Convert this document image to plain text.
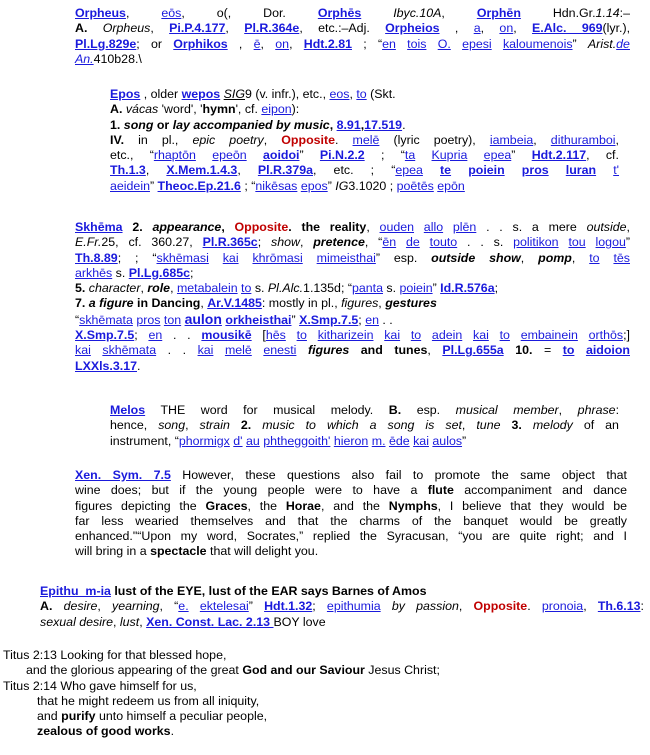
Orpheus, eōs, o(, Dor. Orphēs	Ibyc.10A, Orphēn Hdn.Gr.1.14:–
A. Orpheus, Pi.P.4.177, Pl.R.364e, etc.:–Adj. Orpheios , a, on, E.Alc. 969(lyr.),
Pl.Lg.829e; or Orphikos , ē, on, Hdt.2.81 ; “en tois O. epesi kaloumenois” Arist.de
An.410b28.\
Epos , older wepos SIG9 (v. infr.), etc., eos, to (Skt.
A. vácas 'word', 'hymn', cf. eipon):
1. song or lay accompanied by music, 8.91,17.519.
IV. in pl., epic poetry, Opposite. melē (lyric poetry), iambeia, dithuramboi,
etc., “rhaptōn epeōn aoidoi” Pi.N.2.2 ; “ta Kupria epea” Hdt.2.117, cf.
Th.1.3, X.Mem.1.4.3, Pl.R.379a, etc. ; “epea te poiein pros luran t'
aeidein” Theoc.Ep.21.6 ; “nikēsas epos” IG3.1020 ; poētēs epōn
Skhēma 2. appearance, Opposite. the reality, ouden allo plēn . . s. a mere outside,
E.Fr.25, cf. 360.27, Pl.R.365c; show, pretence, “ēn de touto . . s. politikon tou logou”
Th.8.89; ; “skhēmasi kai khrōmasi mimeisthai” esp. outside show, pomp, to tēs
arkhēs s. Pl.Lg.685c;
5. character, role, metabalein to s. Pl.Alc.1.135d; “panta s. poiein” Id.R.576a;
7. a figure in Dancing, Ar.V.1485: mostly in pl., figures, gestures
“skhēmata pros ton aulon orkheisthai” X.Smp.7.5; en . .
X.Smp.7.5; en . . mousikē [hēs to kitharizein kai to adein kai to embainein orthōs;]
kai skhēmata . . kai melē enesti figures and tunes, Pl.Lg.655a 10. = to aidoion
LXXls.3.17.
Melos THE word for musical melody. B. esp. musical member, phrase:
hence, song, strain 2. music to which a song is set, tune 3. melody of an
instrument, “phormigx d' au phtheggoith' hieron m. ēde kai aulos”
Xen. Sym. 7.5 However, these questions also fail to promote the same object that
wine does; but if the young people were to have a flute accompaniment and dance
figures depicting the Graces, the Horae, and the Nymphs, I believe that they would be
far less wearied themselves and that the charms of the banquet would be greatly
enhanced."“Upon my word, Socrates,” replied the Syracusan, “you are quite right; and I
will bring in a spectacle that will delight you.
Epithu_m-ia lust of the EYE, lust of the EAR says Barnes of Amos
A. desire, yearning, “e. ektelesai” Hdt.1.32; epithumia by passion, Opposite. pronoia, Th.6.13:
sexual desire, lust, Xen. Const. Lac. 2.13 BOY love
Titus 2:13 Looking for that blessed hope,
and the glorious appearing of the great God and our Saviour Jesus Christ;
Titus 2:14 Who gave himself for us,
that he might redeem us from all iniquity,
and purify unto himself a peculiar people,
zealous of good works.
